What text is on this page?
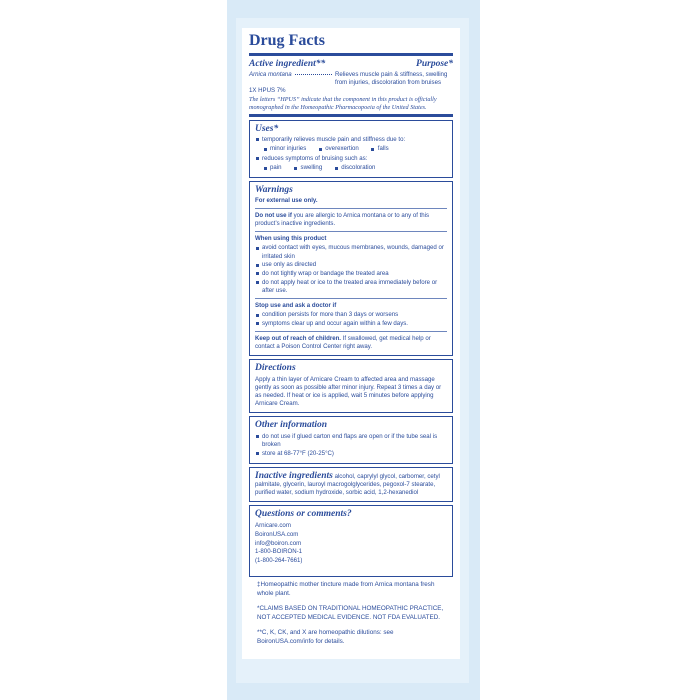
Drug Facts
Active ingredient**	Purpose*
Arnica montana	Relieves muscle pain & stiffness, swelling from injuries, discoloration from bruises
1X HPUS 7%
The letters “HPUS” indicate that the component in this product is officially monographed in the Homeopathic Pharmacopoeia of the United States.
Uses*
temporarily relieves muscle pain and stiffness due to:
minor injuries	overexertion	falls
reduces symptoms of bruising such as:
pain	swelling	discoloration
Warnings
For external use only.
Do not use if you are allergic to Arnica montana or to any of this product’s inactive ingredients.
When using this product
avoid contact with eyes, mucous membranes, wounds, damaged or irritated skin
use only as directed
do not tightly wrap or bandage the treated area
do not apply heat or ice to the treated area immediately before or after use.
Stop use and ask a doctor if
condition persists for more than 3 days or worsens
symptoms clear up and occur again within a few days.
Keep out of reach of children. If swallowed, get medical help or contact a Poison Control Center right away.
Directions
Apply a thin layer of Arnicare Cream to affected area and massage gently as soon as possible after minor injury. Repeat 3 times a day or as needed. If heat or ice is applied, wait 5 minutes before applying Arnicare Cream.
Other information
do not use if glued carton end flaps are open or if the tube seal is broken
store at 68-77°F (20-25°C)
Inactive ingredients alcohol, caprylyl glycol, carbomer, cetyl palmitate, glycerin, lauroyl macrogolglycerides, pegoxol-7 stearate, purified water, sodium hydroxide, sorbic acid, 1,2-hexanediol
Questions or comments?
Arnicare.com
BoironUSA.com
info@boiron.com
1-800-BOIRON-1
(1-800-264-7661)

‡Homeopathic mother tincture made from Arnica montana fresh whole plant.

*CLAIMS BASED ON TRADITIONAL HOMEOPATHIC PRACTICE, NOT ACCEPTED MEDICAL EVIDENCE. NOT FDA EVALUATED.

**C, K, CK, and X are homeopathic dilutions: see BoironUSA.com/info for details.
